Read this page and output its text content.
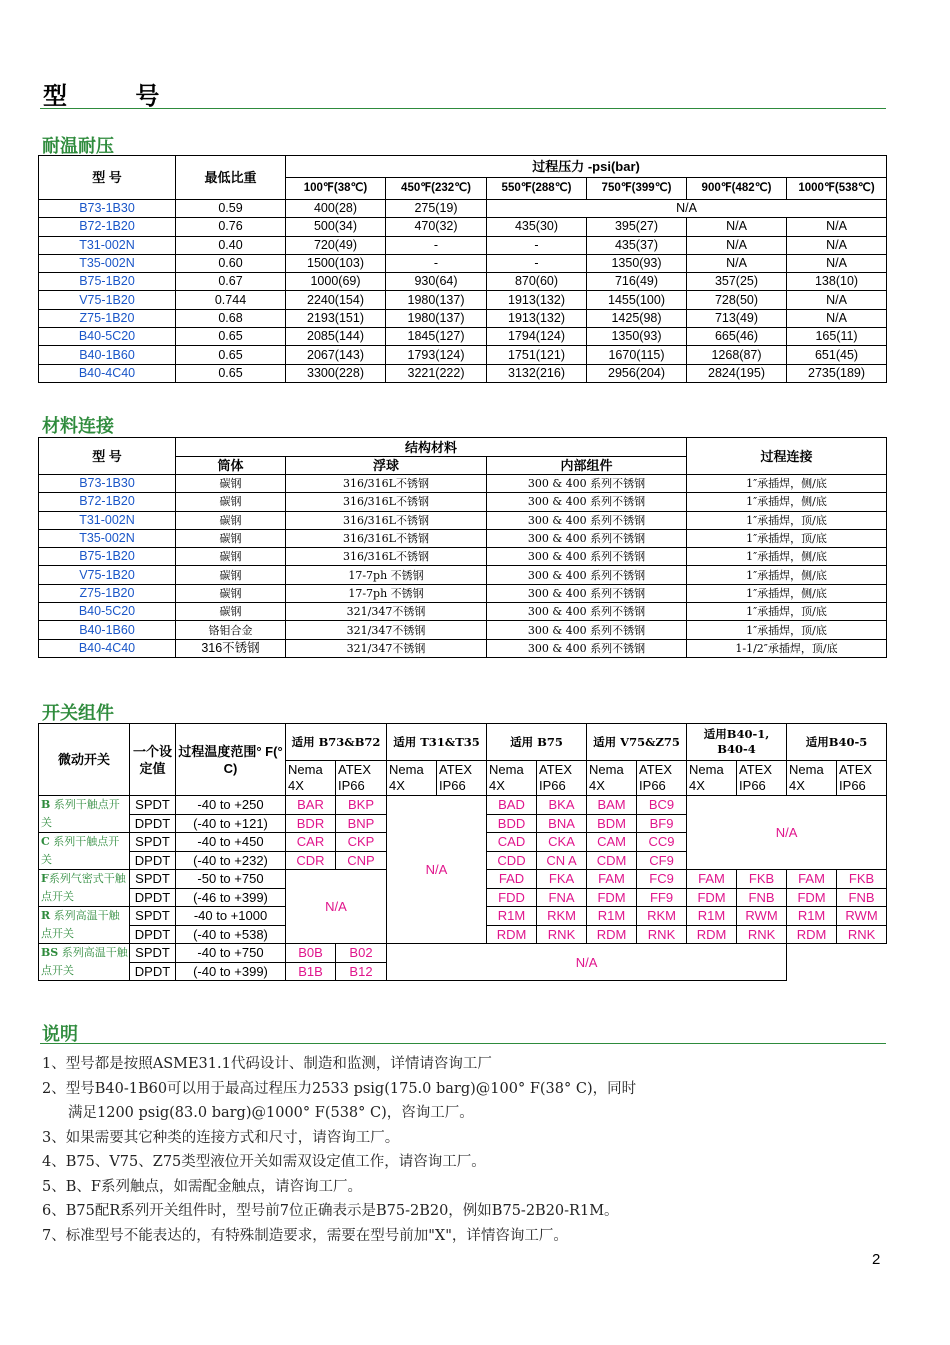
型 号
耐温耐压
型 号	最低比重	过程压力 -psi(bar)					
		100℉(38℃)	450℉(232℃)	550℉(288℃)	750℉(399℃)	900℉(482℃)	1000℉(538℃)
B73-1B30	0.59	400(28)	275(19)	N/A			
B72-1B20	0.76	500(34)	470(32)	435(30)	395(27)	N/A	N/A
T31-002N	0.40	720(49)	-	-	435(37)	N/A	N/A
T35-002N	0.60	1500(103)	-	-	1350(93)	N/A	N/A
B75-1B20	0.67	1000(69)	930(64)	870(60)	716(49)	357(25)	138(10)
V75-1B20	0.744	2240(154)	1980(137)	1913(132)	1455(100)	728(50)	N/A
Z75-1B20	0.68	2193(151)	1980(137)	1913(132)	1425(98)	713(49)	N/A
B40-5C20	0.65	2085(144)	1845(127)	1794(124)	1350(93)	665(46)	165(11)
B40-1B60	0.65	2067(143)	1793(124)	1751(121)	1670(115)	1268(87)	651(45)
B40-4C40	0.65	3300(228)	3221(222)	3132(216)	2956(204)	2824(195)	2735(189)
材料连接
型 号	结构材料			过程连接
	筒体	浮球	内部组件	
B73-1B30	碳钢	316/316L不锈钢	300 & 400 系列不锈钢	1″承插焊，侧/底
B72-1B20	碳钢	316/316L不锈钢	300 & 400 系列不锈钢	1″承插焊，侧/底
T31-002N	碳钢	316/316L不锈钢	300 & 400 系列不锈钢	1″承插焊，顶/底
T35-002N	碳钢	316/316L不锈钢	300 & 400 系列不锈钢	1″承插焊，顶/底
B75-1B20	碳钢	316/316L不锈钢	300 & 400 系列不锈钢	1″承插焊，侧/底
V75-1B20	碳钢	17-7ph 不锈钢	300 & 400 系列不锈钢	1″承插焊，侧/底
Z75-1B20	碳钢	17-7ph 不锈钢	300 & 400 系列不锈钢	1″承插焊，侧/底
B40-5C20	碳钢	321/347不锈钢	300 & 400 系列不锈钢	1″承插焊，顶/底
B40-1B60	铬钼合金	321/347不锈钢	300 & 400 系列不锈钢	1″承插焊，顶/底
B40-4C40	316不锈钢	321/347不锈钢	300 & 400 系列不锈钢	1-1/2″承插焊，顶/底
开关组件
微动开关	一个设定值	过程温度范围° F(° C)	适用 B73&B72		适用 T31&T35		适用 B75		适用 V75&Z75		适用B40-1, B40-4		适用B40-5	
			Nema 4X	ATEX IP66	Nema 4X	ATEX IP66	Nema 4X	ATEX IP66	Nema 4X	ATEX IP66	Nema 4X	ATEX IP66	Nema 4X	ATEX IP66
B 系列干触点开关	SPDT	-40 to +250	BAR	BKP	N/A		BAD	BKA	BAM	BC9	N/A			
	DPDT	(-40 to +121)	BDR	BNP			BDD	BNA	BDM	BF9				
C 系列干触点开关	SPDT	-40 to +450	CAR	CKP			CAD	CKA	CAM	CC9				
	DPDT	(-40 to +232)	CDR	CNP			CDD	CN A	CDM	CF9				
F系列气密式干触点开关	SPDT	-50 to +750	N/A				FAD	FKA	FAM	FC9	FAM	FKB	FAM	FKB
	DPDT	(-46 to +399)					FDD	FNA	FDM	FF9	FDM	FNB	FDM	FNB
R 系列高温干触点开关	SPDT	-40 to +1000					R1M	RKM	R1M	RKM	R1M	RWM	R1M	RWM
	DPDT	(-40 to +538)					RDM	RNK	RDM	RNK	RDM	RNK	RDM	RNK
BS 系列高温干触点开关	SPDT	-40 to +750	B0B	B02	N/A									
	DPDT	(-40 to +399)	B1B	B12										
说明
1、型号都是按照ASME31.1代码设计、制造和监测，详情请咨询工厂
2、型号B40-1B60可以用于最高过程压力2533 psig(175.0 barg)@100° F(38° C)，同时
满足1200 psig(83.0 barg)@1000° F(538° C)，咨询工厂。
3、如果需要其它种类的连接方式和尺寸，请咨询工厂。
4、B75、V75、Z75类型液位开关如需双设定值工作，请咨询工厂。
5、B、F系列触点，如需配金触点，请咨询工厂。
6、B75配R系列开关组件时，型号前7位正确表示是B75-2B20，例如B75-2B20-R1M。
7、标准型号不能表达的，有特殊制造要求，需要在型号前加"X"，详情咨询工厂。
2
